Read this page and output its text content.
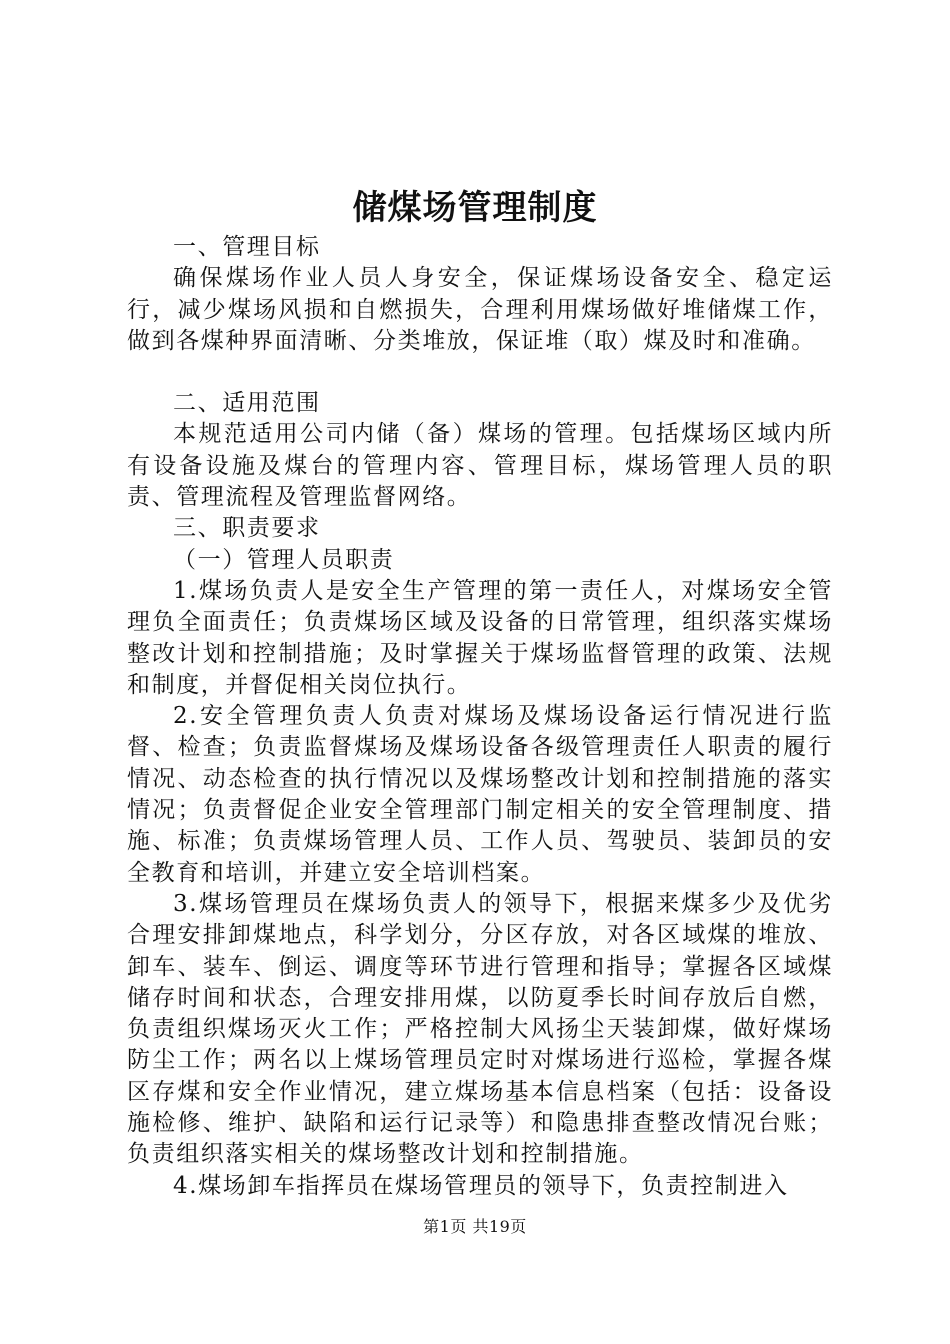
储煤场管理制度

一、管理目标

确保煤场作业人员人身安全，保证煤场设备安全、稳定运行，减少煤场风损和自燃损失，合理利用煤场做好堆储煤工作，做到各煤种界面清晰、分类堆放，保证堆（取）煤及时和准确。

二、适用范围

本规范适用公司内储（备）煤场的管理。包括煤场区域内所有设备设施及煤台的管理内容、管理目标，煤场管理人员的职责、管理流程及管理监督网络。

三、职责要求

（一）管理人员职责

1.煤场负责人是安全生产管理的第一责任人，对煤场安全管理负全面责任；负责煤场区域及设备的日常管理，组织落实煤场整改计划和控制措施；及时掌握关于煤场监督管理的政策、法规和制度，并督促相关岗位执行。

2.安全管理负责人负责对煤场及煤场设备运行情况进行监督、检查；负责监督煤场及煤场设备各级管理责任人职责的履行情况、动态检查的执行情况以及煤场整改计划和控制措施的落实情况；负责督促企业安全管理部门制定相关的安全管理制度、措施、标准；负责煤场管理人员、工作人员、驾驶员、装卸员的安全教育和培训，并建立安全培训档案。

3.煤场管理员在煤场负责人的领导下，根据来煤多少及优劣合理安排卸煤地点，科学划分，分区存放，对各区域煤的堆放、卸车、装车、倒运、调度等环节进行管理和指导；掌握各区域煤储存时间和状态，合理安排用煤，以防夏季长时间存放后自燃，负责组织煤场灭火工作；严格控制大风扬尘天装卸煤，做好煤场防尘工作；两名以上煤场管理员定时对煤场进行巡检，掌握各煤区存煤和安全作业情况，建立煤场基本信息档案（包括：设备设施检修、维护、缺陷和运行记录等）和隐患排查整改情况台账；负责组织落实相关的煤场整改计划和控制措施。

4.煤场卸车指挥员在煤场管理员的领导下，负责控制进入

第1页 共19页
